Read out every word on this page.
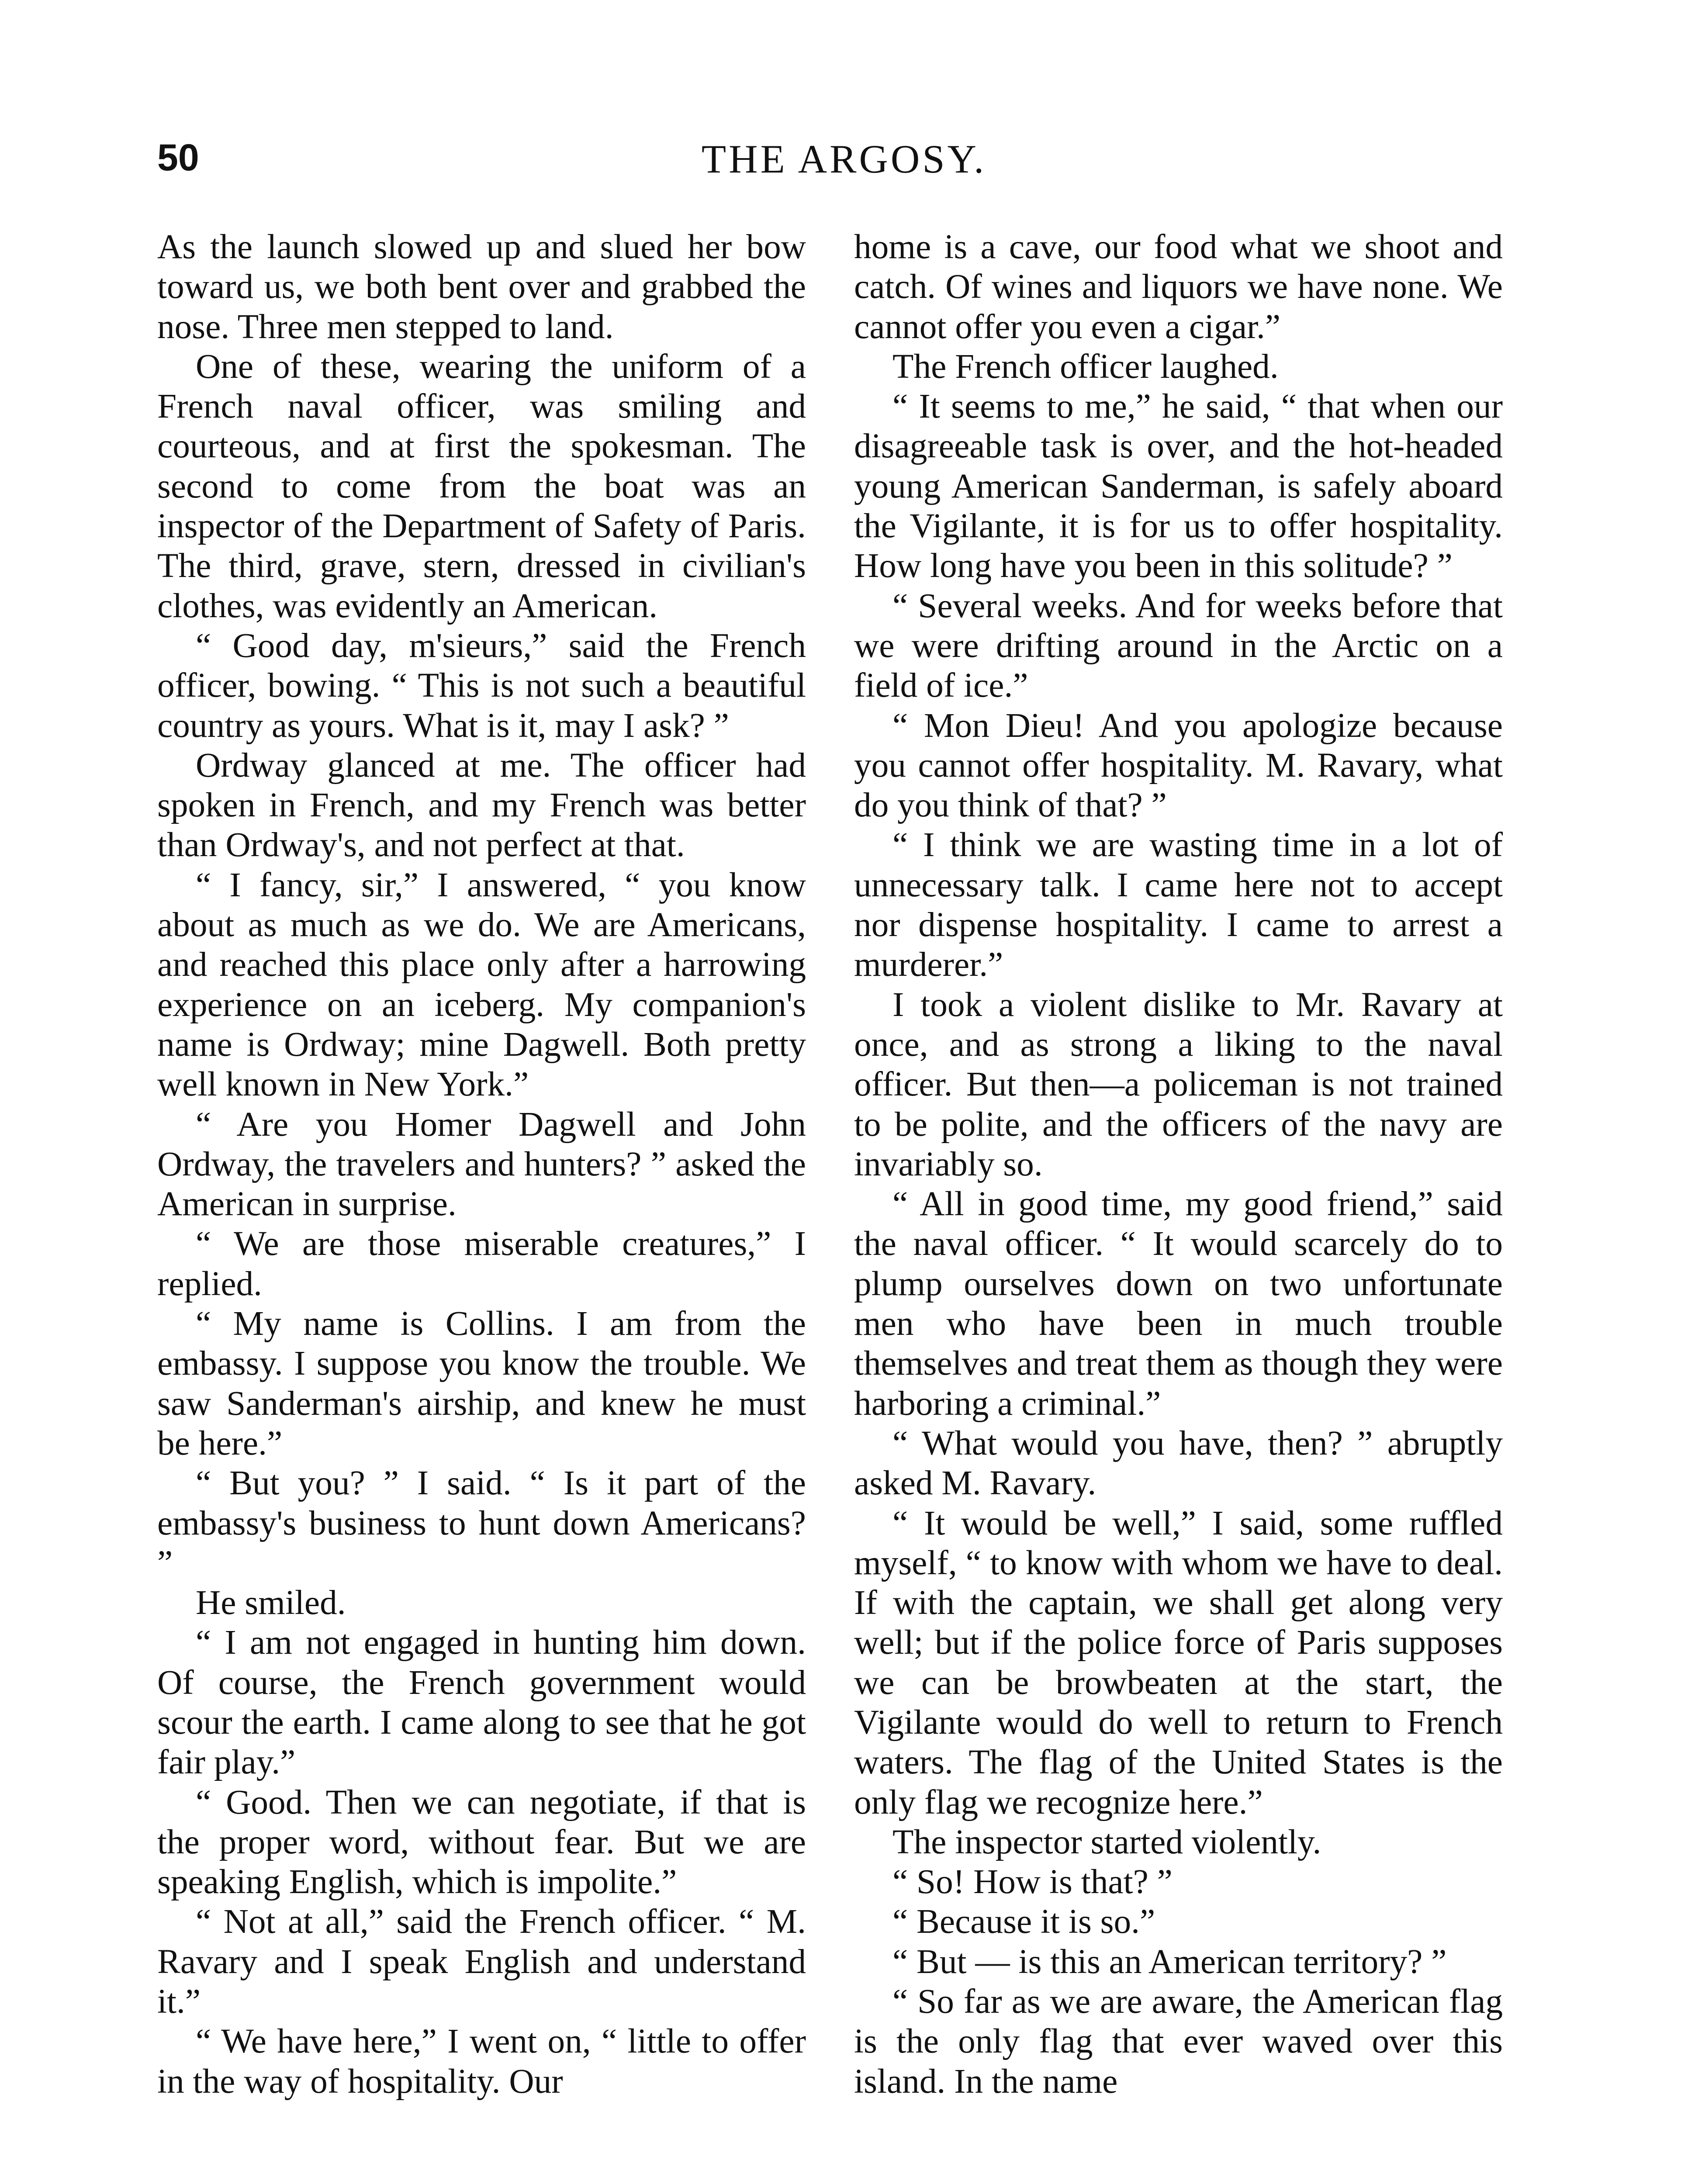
50	THE ARGOSY.

As the launch slowed up and slued her bow toward us, we both bent over and grabbed the nose. Three men stepped to land.

One of these, wearing the uniform of a French naval officer, was smiling and courteous, and at first the spokesman. The second to come from the boat was an inspector of the Department of Safety of Paris. The third, grave, stern, dressed in civilian's clothes, was evidently an American.

“ Good day, m'sieurs,” said the French officer, bowing. “ This is not such a beautiful country as yours. What is it, may I ask? ”

Ordway glanced at me. The officer had spoken in French, and my French was better than Ordway's, and not perfect at that.

“ I fancy, sir,” I answered, “ you know about as much as we do. We are Americans, and reached this place only after a harrowing experience on an iceberg. My companion's name is Ordway; mine Dagwell. Both pretty well known in New York.”

“ Are you Homer Dagwell and John Ordway, the travelers and hunters? ” asked the American in surprise.

“ We are those miserable creatures,” I replied.

“ My name is Collins. I am from the embassy. I suppose you know the trouble. We saw Sanderman's airship, and knew he must be here.”

“ But you? ” I said. “ Is it part of the embassy's business to hunt down Americans? ”

He smiled.

“ I am not engaged in hunting him down. Of course, the French government would scour the earth. I came along to see that he got fair play.”

“ Good. Then we can negotiate, if that is the proper word, without fear. But we are speaking English, which is impolite.”

“ Not at all,” said the French officer. “ M. Ravary and I speak English and understand it.”

“ We have here,” I went on, “ little to offer in the way of hospitality. Our

home is a cave, our food what we shoot and catch. Of wines and liquors we have none. We cannot offer you even a cigar.”

The French officer laughed.

“ It seems to me,” he said, “ that when our disagreeable task is over, and the hot-headed young American Sanderman, is safely aboard the Vigilante, it is for us to offer hospitality. How long have you been in this solitude? ”

“ Several weeks. And for weeks before that we were drifting around in the Arctic on a field of ice.”

“ Mon Dieu! And you apologize because you cannot offer hospitality. M. Ravary, what do you think of that? ”

“ I think we are wasting time in a lot of unnecessary talk. I came here not to accept nor dispense hospitality. I came to arrest a murderer.”

I took a violent dislike to Mr. Ravary at once, and as strong a liking to the naval officer. But then—a policeman is not trained to be polite, and the officers of the navy are invariably so.

“ All in good time, my good friend,” said the naval officer. “ It would scarcely do to plump ourselves down on two unfortunate men who have been in much trouble themselves and treat them as though they were harboring a criminal.”

“ What would you have, then? ” abruptly asked M. Ravary.

“ It would be well,” I said, some ruffled myself, “ to know with whom we have to deal. If with the captain, we shall get along very well; but if the police force of Paris supposes we can be browbeaten at the start, the Vigilante would do well to return to French waters. The flag of the United States is the only flag we recognize here.”

The inspector started violently.

“ So! How is that? ”

“ Because it is so.”

“ But — is this an American territory? ”

“ So far as we are aware, the American flag is the only flag that ever waved over this island. In the name
